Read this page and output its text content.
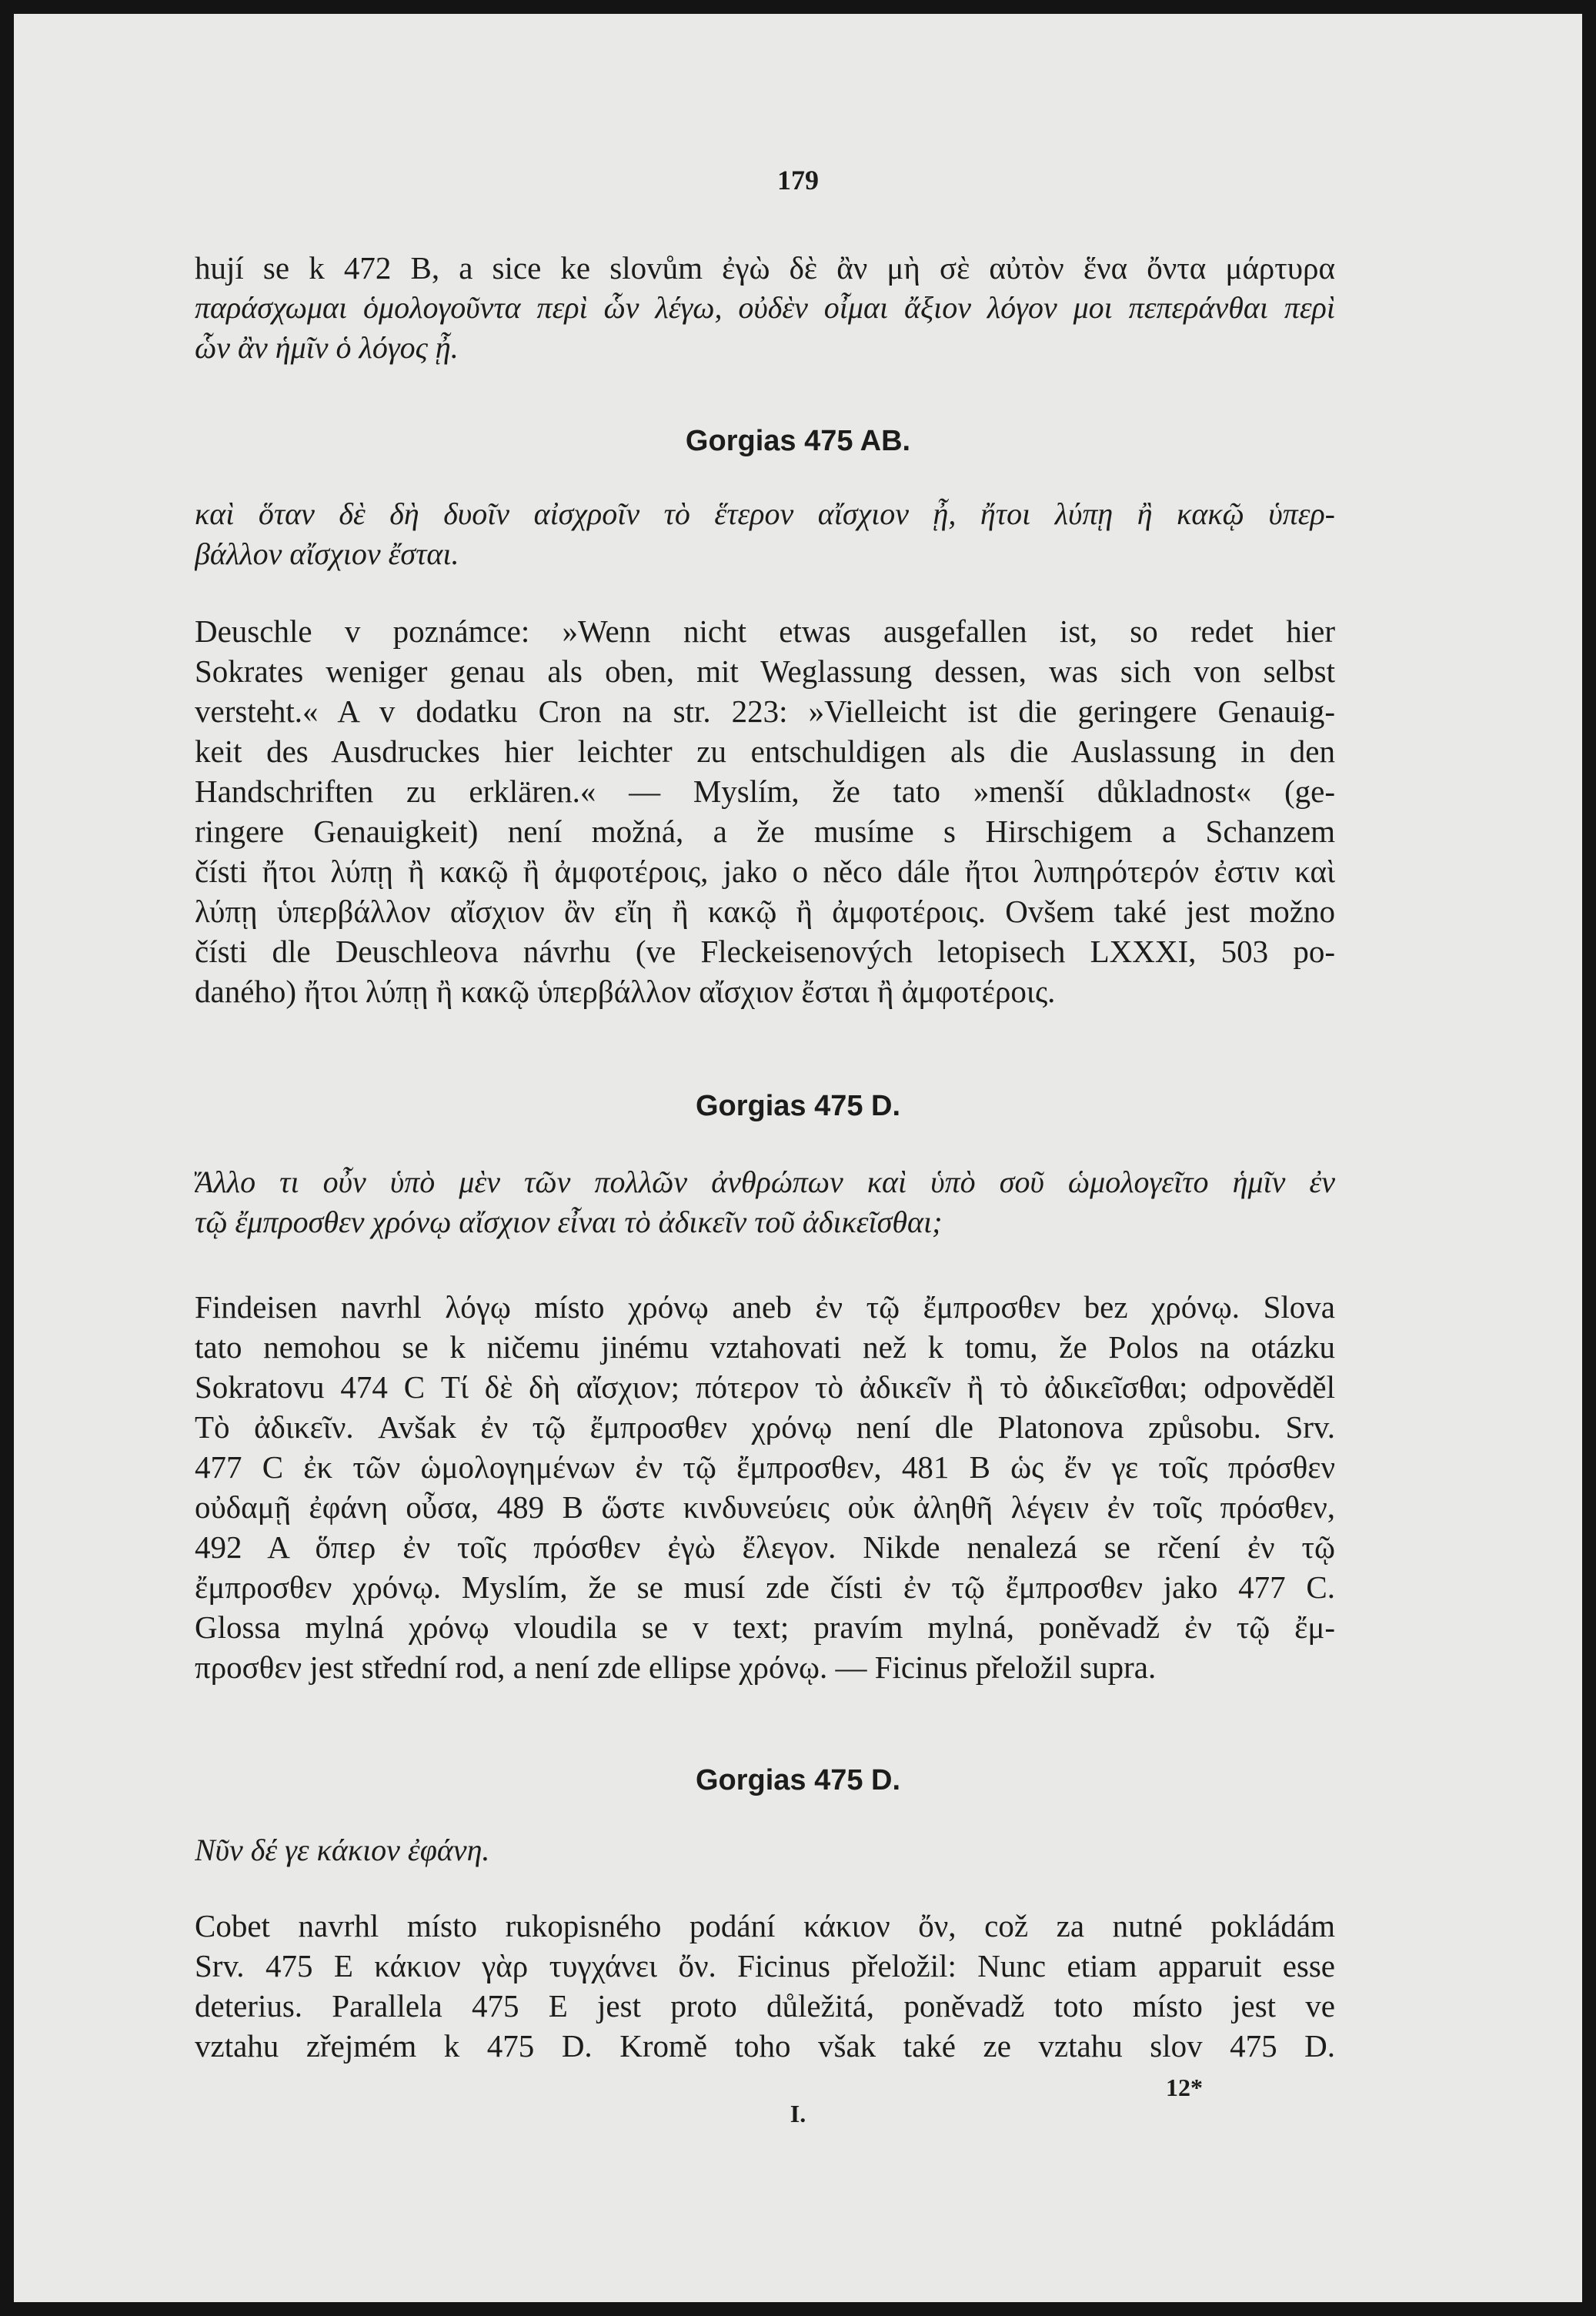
179
hují se k 472 B, a sice ke slovům ἐγὼ δὲ ἂν μὴ σὲ αὐτὸν ἕνα ὄντα μάρτυρα
παράσχωμαι ὁμολογοῦντα περὶ ὧν λέγω, οὐδὲν οἶμαι ἄξιον λόγον μοι πεπεράνθαι περὶ
ὧν ἂν ἡμῖν ὁ λόγος ᾖ.
Gorgias 475 AB.
καὶ ὅταν δὲ δὴ δυοῖν αἰσχροῖν τὸ ἕτερον αἴσχιον ᾖ, ἤτοι λύπῃ ἢ κακῷ ὑπερ-
βάλλον αἴσχιον ἔσται.
Deuschle v poznámce: »Wenn nicht etwas ausgefallen ist, so redet hier
Sokrates weniger genau als oben, mit Weglassung dessen, was sich von selbst
versteht.« A v dodatku Cron na str. 223: »Vielleicht ist die geringere Genauig-
keit des Ausdruckes hier leichter zu entschuldigen als die Auslassung in den
Handschriften zu erklären.« — Myslím, že tato »menší důkladnost« (ge-
ringere Genauigkeit) není možná, a že musíme s Hirschigem a Schanzem
čísti ἤτοι λύπῃ ἢ κακῷ ἢ ἀμφοτέροις, jako o něco dále ἤτοι λυπηρότερόν ἐστιν καὶ
λύπῃ ὑπερβάλλον αἴσχιον ἂν εἴη ἢ κακῷ ἢ ἀμφοτέροις. Ovšem také jest možno
čísti dle Deuschleova návrhu (ve Fleckeisenových letopisech LXXXI, 503 po-
daného) ἤτοι λύπῃ ἢ κακῷ ὑπερβάλλον αἴσχιον ἔσται ἢ ἀμφοτέροις.
Gorgias 475 D.
Ἄλλο τι οὖν ὑπὸ μὲν τῶν πολλῶν ἀνθρώπων καὶ ὑπὸ σοῦ ὡμολογεῖτο ἡμῖν ἐν
τῷ ἔμπροσθεν χρόνῳ αἴσχιον εἶναι τὸ ἀδικεῖν τοῦ ἀδικεῖσθαι;
Findeisen navrhl λόγῳ místo χρόνῳ aneb ἐν τῷ ἔμπροσθεν bez χρόνῳ. Slova
tato nemohou se k ničemu jinému vztahovati než k tomu, že Polos na otázku
Sokratovu 474 C Τί δὲ δὴ αἴσχιον; πότερον τὸ ἀδικεῖν ἢ τὸ ἀδικεῖσθαι; odpověděl
Τὸ ἀδικεῖν. Avšak ἐν τῷ ἔμπροσθεν χρόνῳ není dle Platonova způsobu. Srv.
477 C ἐκ τῶν ὡμολογημένων ἐν τῷ ἔμπροσθεν, 481 B ὡς ἔν γε τοῖς πρόσθεν
οὐδαμῇ ἐφάνη οὖσα, 489 B ὥστε κινδυνεύεις οὐκ ἀληθῆ λέγειν ἐν τοῖς πρόσθεν,
492 A ὅπερ ἐν τοῖς πρόσθεν ἐγὼ ἔλεγον. Nikde nenalezá se rčení ἐν τῷ
ἔμπροσθεν χρόνῳ. Myslím, že se musí zde čísti ἐν τῷ ἔμπροσθεν jako 477 C.
Glossa mylná χρόνῳ vloudila se v text; pravím mylná, poněvadž ἐν τῷ ἔμ-
προσθεν jest střední rod, a není zde ellipse χρόνῳ. — Ficinus přeložil supra.
Gorgias 475 D.
Νῦν δέ γε κάκιον ἐφάνη.
Cobet navrhl místo rukopisného podání κάκιον ὄν, což za nutné pokládám
Srv. 475 E κάκιον γὰρ τυγχάνει ὄν. Ficinus přeložil: Nunc etiam apparuit esse
deterius. Parallela 475 E jest proto důležitá, poněvadž toto místo jest ve
vztahu zřejmém k 475 D. Kromě toho však také ze vztahu slov 475 D.
12*
I.
